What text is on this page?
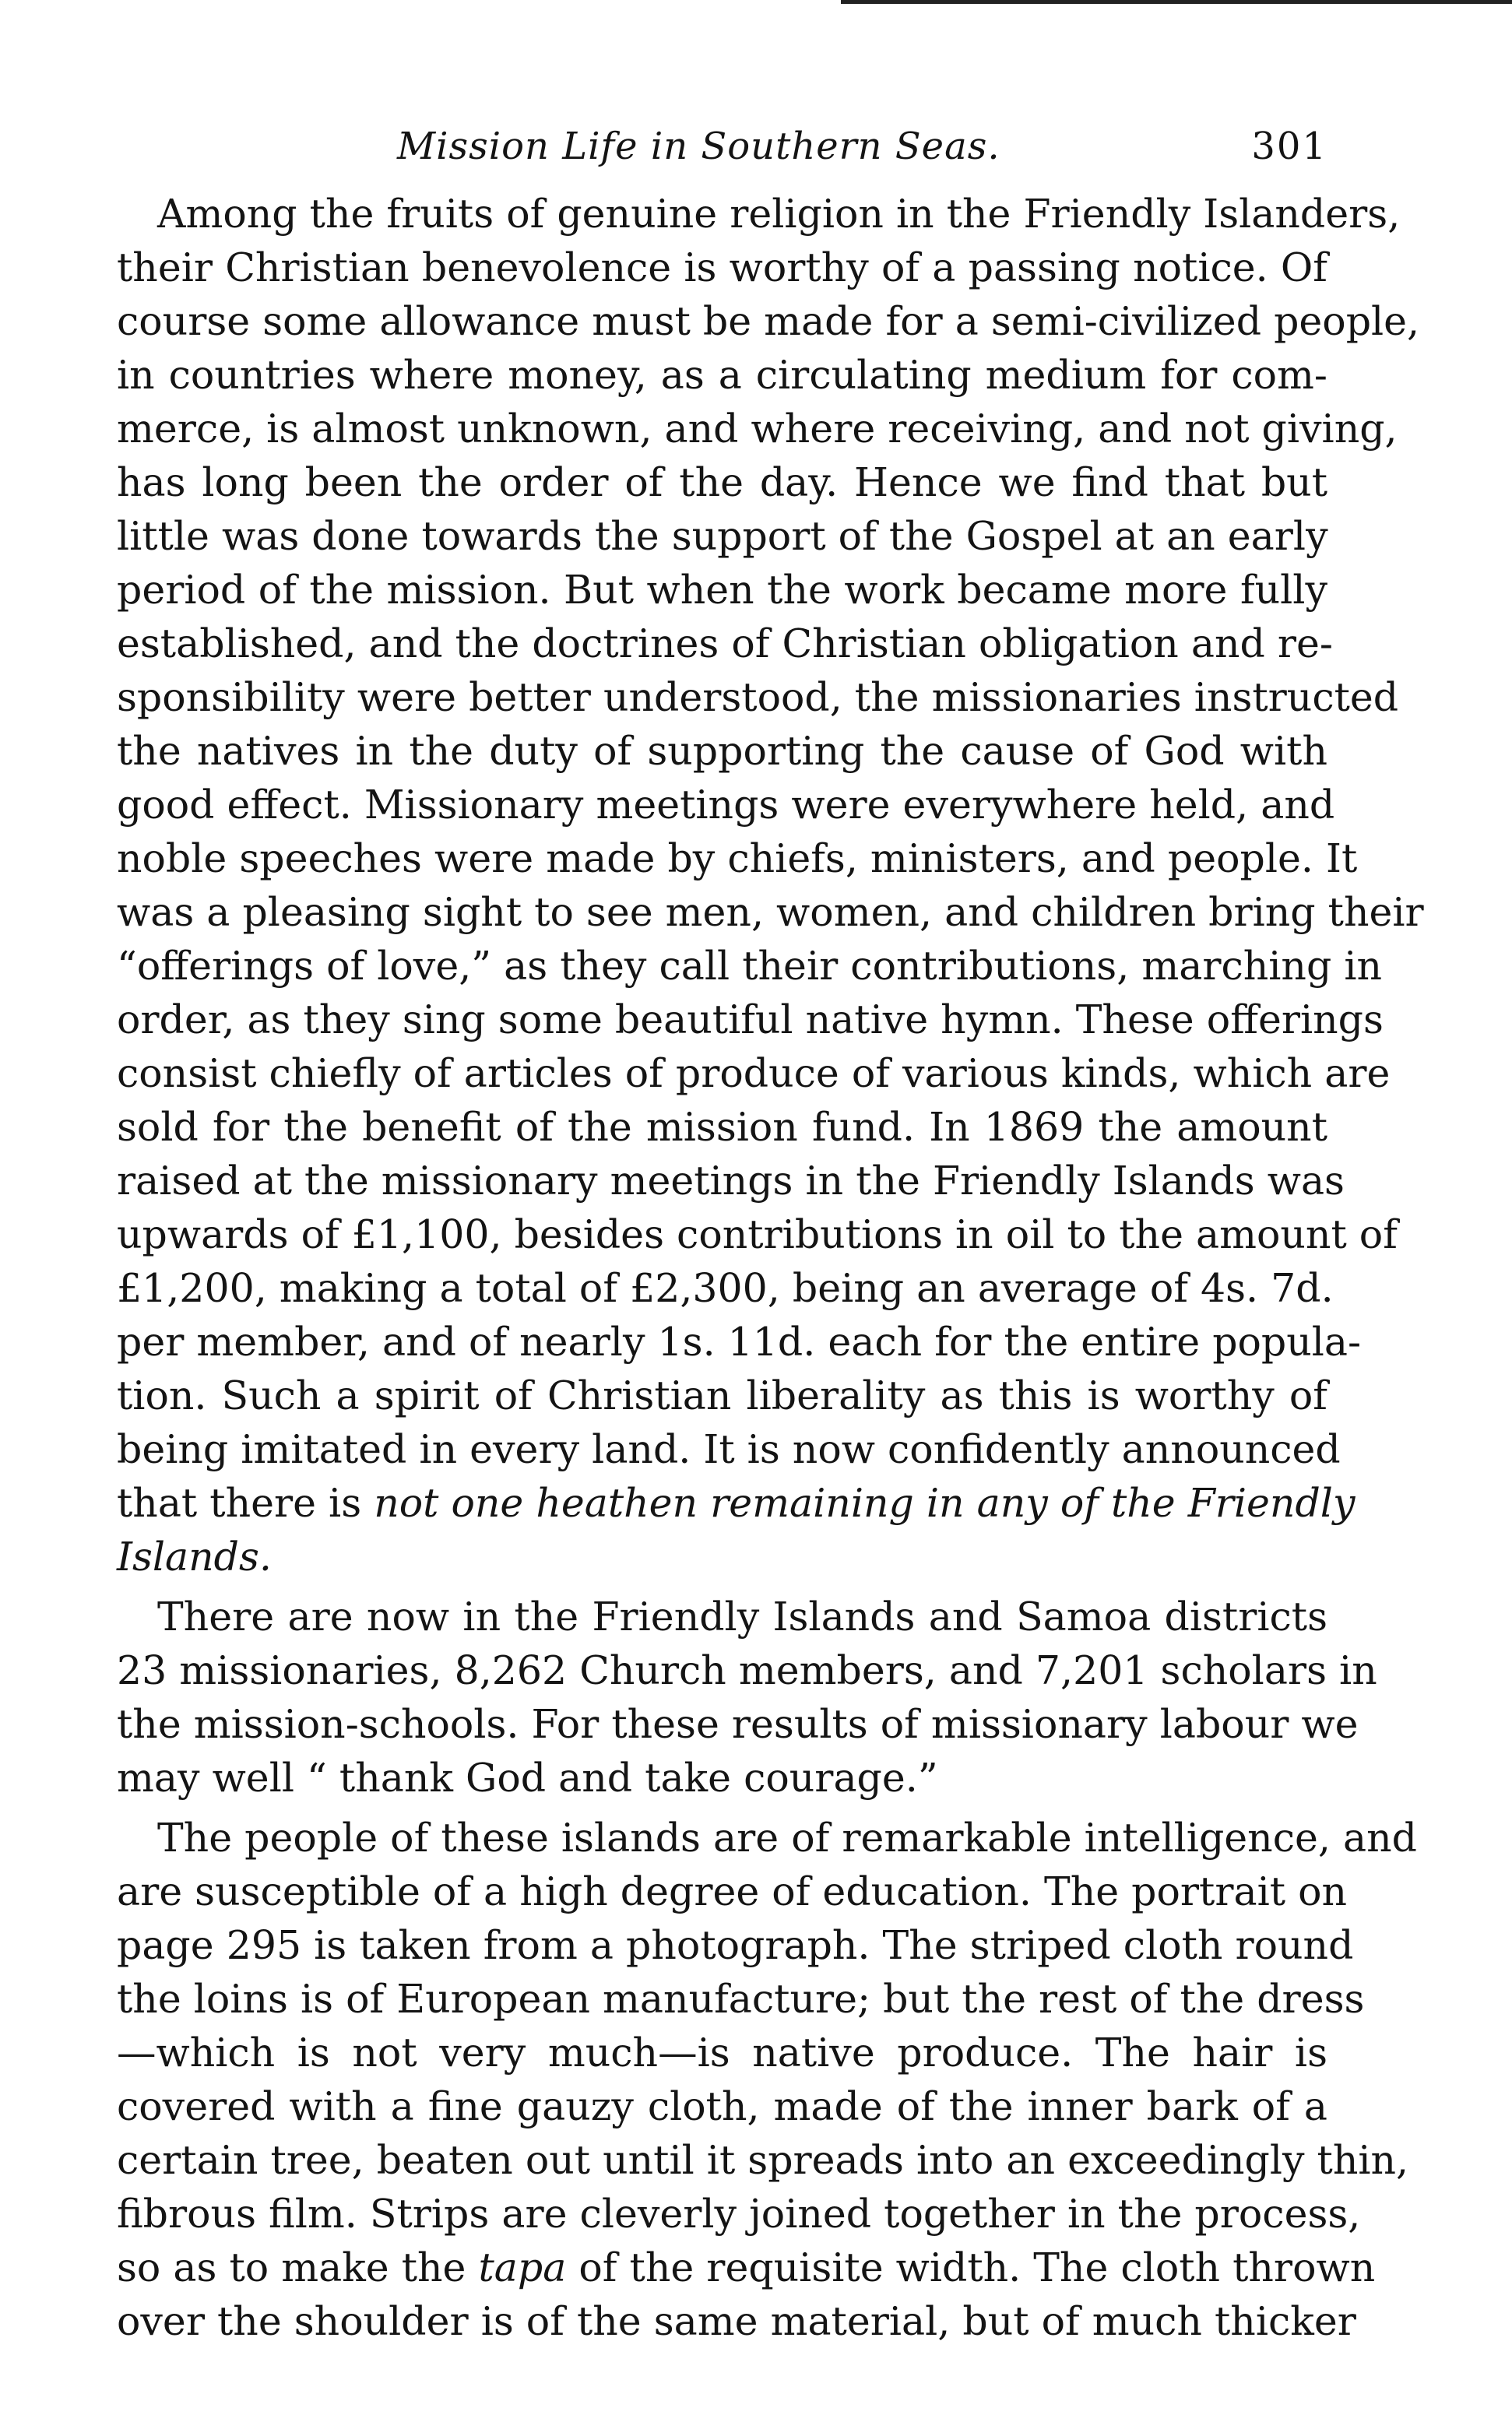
Mission Life in Southern Seas.	301
Among the fruits of genuine religion in the Friendly Islanders,
their Christian benevolence is worthy of a passing notice. Of
course some allowance must be made for a semi-civilized people,
in countries where money, as a circulating medium for com-
merce, is almost unknown, and where receiving, and not giving,
has long been the order of the day. Hence we find that but
little was done towards the support of the Gospel at an early
period of the mission. But when the work became more fully
established, and the doctrines of Christian obligation and re-
sponsibility were better understood, the missionaries instructed
the natives in the duty of supporting the cause of God with
good effect. Missionary meetings were everywhere held, and
noble speeches were made by chiefs, ministers, and people. It
was a pleasing sight to see men, women, and children bring their
“offerings of love,” as they call their contributions, marching in
order, as they sing some beautiful native hymn. These offerings
consist chiefly of articles of produce of various kinds, which are
sold for the benefit of the mission fund. In 1869 the amount
raised at the missionary meetings in the Friendly Islands was
upwards of £1,100, besides contributions in oil to the amount of
£1,200, making a total of £2,300, being an average of 4s. 7d.
per member, and of nearly 1s. 11d. each for the entire popula-
tion. Such a spirit of Christian liberality as this is worthy of
being imitated in every land. It is now confidently announced
that there is not one heathen remaining in any of the Friendly
Islands.
There are now in the Friendly Islands and Samoa districts
23 missionaries, 8,262 Church members, and 7,201 scholars in
the mission-schools. For these results of missionary labour we
may well “ thank God and take courage.”
The people of these islands are of remarkable intelligence, and
are susceptible of a high degree of education. The portrait on
page 295 is taken from a photograph. The striped cloth round
the loins is of European manufacture; but the rest of the dress
—which is not very much—is native produce. The hair is
covered with a fine gauzy cloth, made of the inner bark of a
certain tree, beaten out until it spreads into an exceedingly thin,
fibrous film. Strips are cleverly joined together in the process,
so as to make the tapa of the requisite width. The cloth thrown
over the shoulder is of the same material, but of much thicker
